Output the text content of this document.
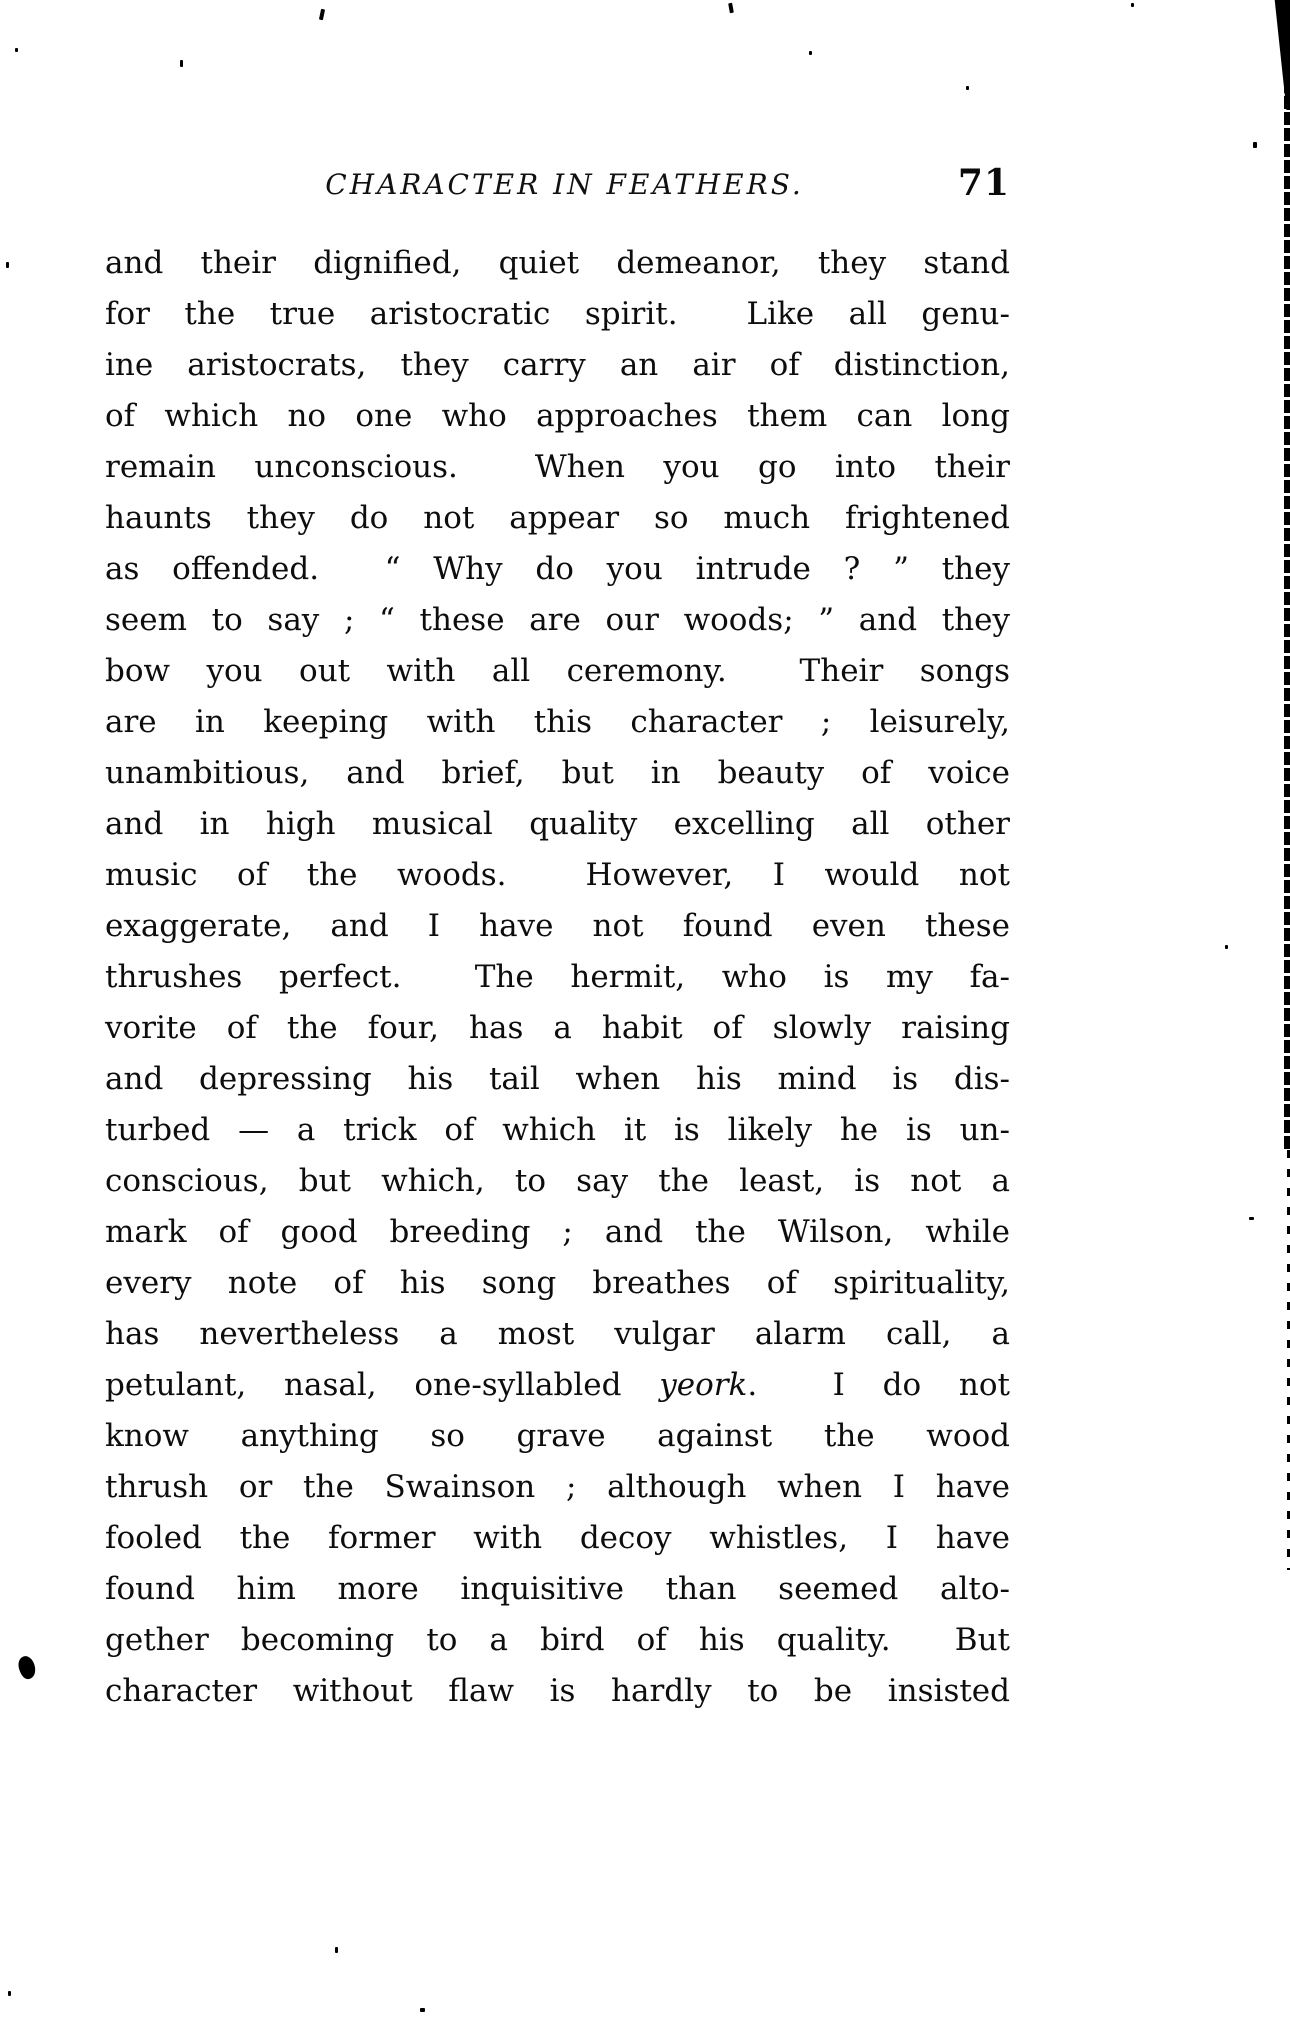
CHARACTER IN FEATHERS.	71
and their dignified, quiet demeanor, they stand
for the true aristocratic spirit.  Like all genu-
ine aristocrats, they carry an air of distinction,
of which no one who approaches them can long
remain unconscious.  When you go into their
haunts they do not appear so much frightened
as offended.  “ Why do you intrude ? ” they
seem to say ; “ these are our woods; ” and they
bow you out with all ceremony.  Their songs
are in keeping with this character ; leisurely,
unambitious, and brief, but in beauty of voice
and in high musical quality excelling all other
music of the woods.  However, I would not
exaggerate, and I have not found even these
thrushes perfect.  The hermit, who is my fa-
vorite of the four, has a habit of slowly raising
and depressing his tail when his mind is dis-
turbed — a trick of which it is likely he is un-
conscious, but which, to say the least, is not a
mark of good breeding ; and the Wilson, while
every note of his song breathes of spirituality,
has nevertheless a most vulgar alarm call, a
petulant, nasal, one-syllabled yeork.  I do not
know anything so grave against the wood
thrush or the Swainson ; although when I have
fooled the former with decoy whistles, I have
found him more inquisitive than seemed alto-
gether becoming to a bird of his quality.  But
character without flaw is hardly to be insisted
